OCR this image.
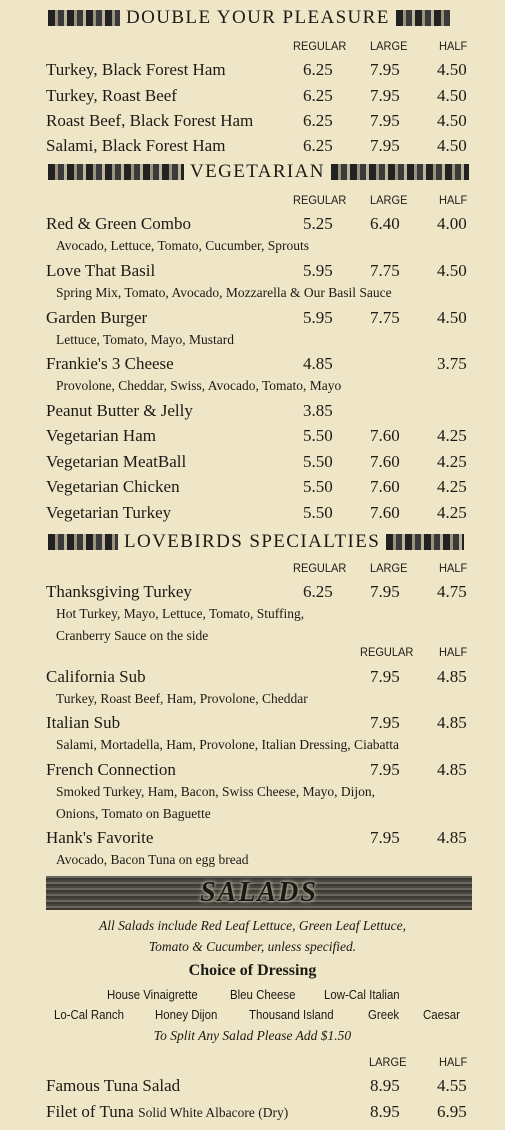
DOUBLE YOUR PLEASURE
REGULAR LARGE	HALF
Turkey, Black Forest Ham	6.25 7.95 4.50
Turkey, Roast Beef	6.25 7.95 4.50
Roast Beef, Black Forest Ham	6.25 7.95 4.50
Salami, Black Forest Ham	6.25 7.95 4.50
VEGETARIAN
REGULAR LARGE	HALF
Red & Green Combo	5.25 6.40 4.00
Avocado, Lettuce, Tomato, Cucumber, Sprouts
Love That Basil	5.95 7.75 4.50
Spring Mix, Tomato, Avocado, Mozzarella & Our Basil Sauce
Garden Burger	5.95 7.75 4.50
Lettuce, Tomato, Mayo, Mustard
Frankie's 3 Cheese	4.85	3.75
Provolone, Cheddar, Swiss, Avocado, Tomato, Mayo
Peanut Butter & Jelly	3.85
Vegetarian Ham	5.50 7.60 4.25
Vegetarian MeatBall	5.50 7.60 4.25
Vegetarian Chicken	5.50 7.60 4.25
Vegetarian Turkey	5.50 7.60 4.25
LOVEBIRDS SPECIALTIES
REGULAR LARGE	HALF
Thanksgiving Turkey	6.25 7.95 4.75
Hot Turkey, Mayo, Lettuce, Tomato, Stuffing,
Cranberry Sauce on the side
REGULAR HALF
California Sub	7.95 4.85
Turkey, Roast Beef, Ham, Provolone, Cheddar
Italian Sub	7.95 4.85
Salami, Mortadella, Ham, Provolone, Italian Dressing, Ciabatta
French Connection	7.95 4.85
Smoked Turkey, Ham, Bacon, Swiss Cheese, Mayo, Dijon,
Onions, Tomato on Baguette
Hank's Favorite	7.95 4.85
Avocado, Bacon Tuna on egg bread
SALADS
All Salads include Red Leaf Lettuce, Green Leaf Lettuce,
Tomato & Cucumber, unless specified.
Choice of Dressing
House Vinaigrette Bleu Cheese Low-Cal Italian
Lo-Cal Ranch Honey Dijon Thousand Island	Greek Caesar
To Split Any Salad Please Add $1.50
LARGE	HALF
Famous Tuna Salad	8.95 4.55
Filet of Tuna Solid White Albacore (Dry)	8.95 6.95
